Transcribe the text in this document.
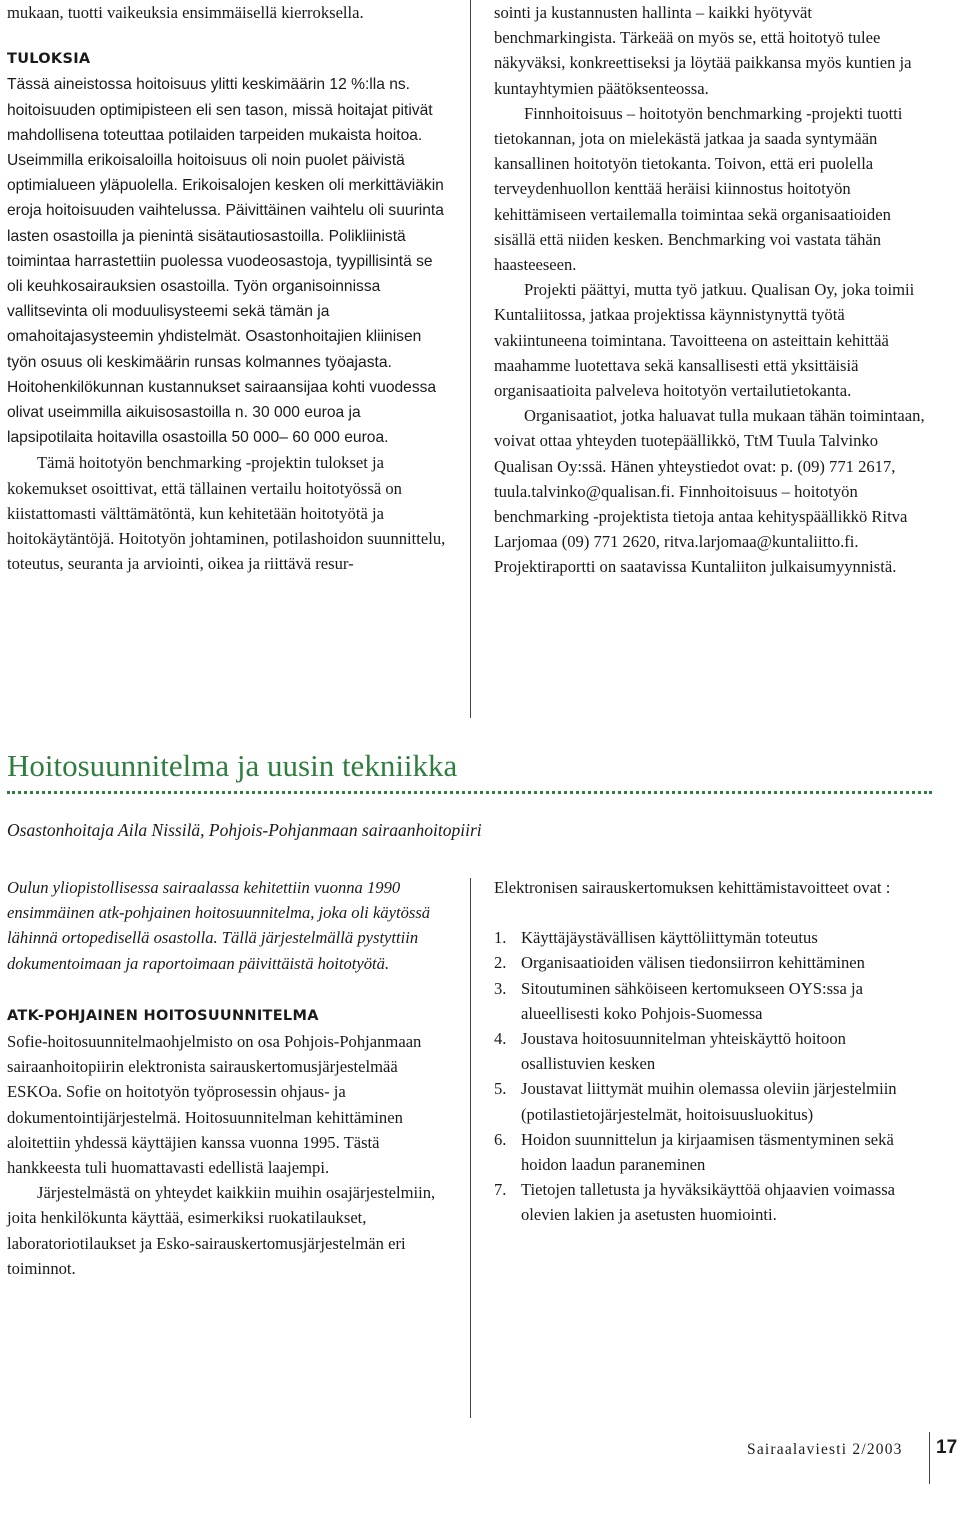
mukaan, tuotti vaikeuksia ensimmäisellä kierroksella.

TULOKSIA

Tässä aineistossa hoitoisuus ylitti keskimäärin 12 %:lla ns. hoitoisuuden optimipisteen eli sen tason, missä hoitajat pitivät mahdollisena toteuttaa potilaiden tarpeiden mukaista hoitoa. Useimmilla erikoisaloilla hoitoisuus oli noin puolet päivistä optimialueen yläpuolella. Erikoisalojen kesken oli merkittäviäkin eroja hoitoisuuden vaihtelussa. Päivittäinen vaihtelu oli suurinta lasten osastoilla ja pienintä sisätautiosastoilla. Polikliinistä toimintaa harrastettiin puolessa vuodeosastoja, tyypillisintä se oli keuhkosairauksien osastoilla. Työn organisoinnissa vallitsevinta oli moduulisysteemi sekä tämän ja omahoitajasysteemin yhdistelmät. Osastonhoitajien kliinisen työn osuus oli keskimäärin runsas kolmannes työajasta. Hoitohenkilökunnan kustannukset sairaansijaa kohti vuodessa olivat useimmilla aikuisosastoilla n. 30 000 euroa ja lapsipotilaita hoitavilla osastoilla 50 000– 60 000 euroa.

Tämä hoitotyön benchmarking -projektin tulokset ja kokemukset osoittivat, että tällainen vertailu hoitotyössä on kiistattomasti välttämätöntä, kun kehitetään hoitotyötä ja hoitokäytäntöjä. Hoitotyön johtaminen, potilashoidon suunnittelu, toteutus, seuranta ja arviointi, oikea ja riittävä resur-

sointi ja kustannusten hallinta – kaikki hyötyvät benchmarkingista. Tärkeää on myös se, että hoitotyö tulee näkyväksi, konkreettiseksi ja löytää paikkansa myös kuntien ja kuntayhtymien päätöksenteossa.

Finnhoitoisuus – hoitotyön benchmarking -projekti tuotti tietokannan, jota on mielekästä jatkaa ja saada syntymään kansallinen hoitotyön tietokanta. Toivon, että eri puolella terveydenhuollon kenttää heräisi kiinnostus hoitotyön kehittämiseen vertailemalla toimintaa sekä organisaatioiden sisällä että niiden kesken. Benchmarking voi vastata tähän haasteeseen.

Projekti päättyi, mutta työ jatkuu. Qualisan Oy, joka toimii Kuntaliitossa, jatkaa projektissa käynnistynyttä työtä vakiintuneena toimintana. Tavoitteena on asteittain kehittää maahamme luotettava sekä kansallisesti että yksittäisiä organisaatioita palveleva hoitotyön vertailutietokanta.

Organisaatiot, jotka haluavat tulla mukaan tähän toimintaan, voivat ottaa yhteyden tuotepäällikkö, TtM Tuula Talvinko Qualisan Oy:ssä. Hänen yhteystiedot ovat: p. (09) 771 2617, tuula.talvinko@qualisan.fi. Finnhoitoisuus – hoitotyön benchmarking -projektista tietoja antaa kehityspäällikkö Ritva Larjomaa (09) 771 2620, ritva.larjomaa@kuntaliitto.fi. Projektiraportti on saatavissa Kuntaliiton julkaisumyynnistä.

Hoitosuunnitelma ja uusin tekniikka

Osastonhoitaja Aila Nissilä, Pohjois-Pohjanmaan sairaanhoitopiiri

Oulun yliopistollisessa sairaalassa kehitettiin vuonna 1990 ensimmäinen atk-pohjainen hoitosuunnitelma, joka oli käytössä lähinnä ortopedisellä osastolla. Tällä järjestelmällä pystyttiin dokumentoimaan ja raportoimaan päivittäistä hoitotyötä.

ATK-POHJAINEN HOITOSUUNNITELMA

Sofie-hoitosuunnitelmaohjelmisto on osa Pohjois-Pohjanmaan sairaanhoitopiirin elektronista sairauskertomusjärjestelmää ESKOa. Sofie on hoitotyön työprosessin ohjaus- ja dokumentointijärjestelmä. Hoitosuunnitelman kehittäminen aloitettiin yhdessä käyttäjien kanssa vuonna 1995. Tästä hankkeesta tuli huomattavasti edellistä laajempi.

Järjestelmästä on yhteydet kaikkiin muihin osajärjestelmiin, joita henkilökunta käyttää, esimerkiksi ruokatilaukset, laboratoriotilaukset ja Esko-sairauskertomusjärjestelmän eri toiminnot.

Elektronisen sairauskertomuksen kehittämistavoitteet ovat :

1. Käyttäjäystävällisen käyttöliittymän toteutus
2. Organisaatioiden välisen tiedonsiirron kehittäminen
3. Sitoutuminen sähköiseen kertomukseen OYS:ssa ja alueellisesti koko Pohjois-Suomessa
4. Joustava hoitosuunnitelman yhteiskäyttö hoitoon osallistuvien kesken
5. Joustavat liittymät muihin olemassa oleviin järjestelmiin (potilastietojärjestelmät, hoitoisuusluokitus)
6. Hoidon suunnittelun ja kirjaamisen täsmentyminen sekä hoidon laadun paraneminen
7. Tietojen talletusta ja hyväksikäyttöä ohjaavien voimassa olevien lakien ja asetusten huomiointi.
Sairaalaviesti 2/2003 17
